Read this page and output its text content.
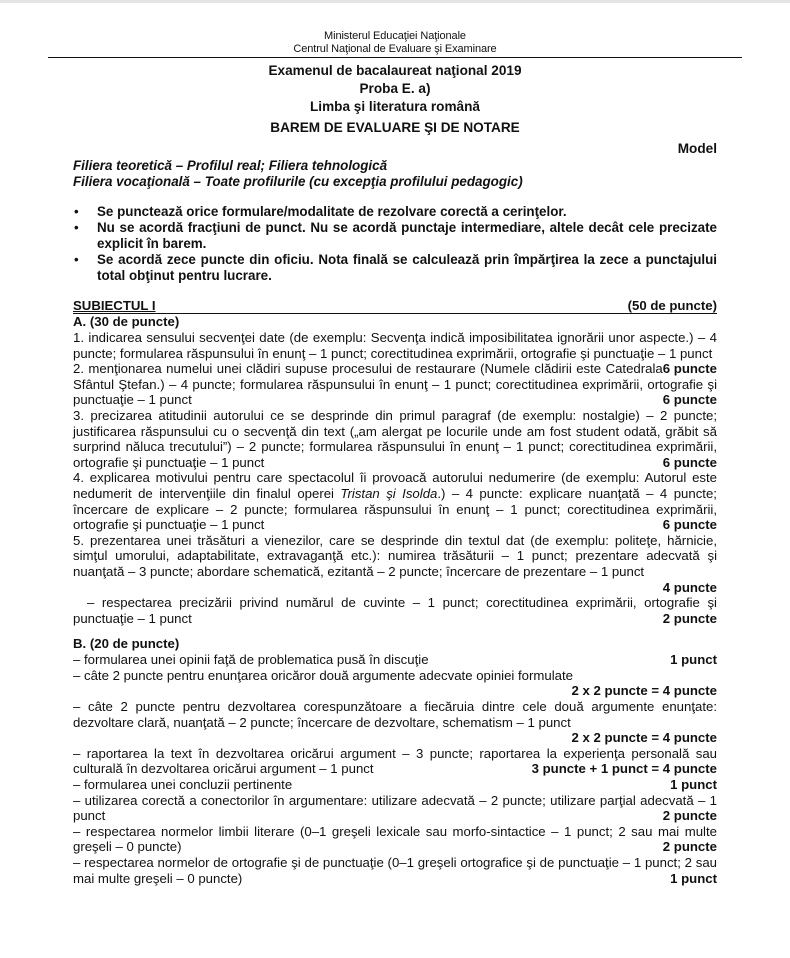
Ministerul Educaţiei Naţionale
Centrul Naţional de Evaluare şi Examinare
Examenul de bacalaureat naţional 2019
Proba E. a)
Limba şi literatura română
BAREM DE EVALUARE ŞI DE NOTARE
Model
Filiera teoretică – Profilul real; Filiera tehnologică
Filiera vocaţională – Toate profilurile (cu excepţia profilului pedagogic)
• Se punctează orice formulare/modalitate de rezolvare corectă a cerinţelor.
• Nu se acordă fracţiuni de punct. Nu se acordă punctaje intermediare, altele decât cele precizate explicit în barem.
• Se acordă zece puncte din oficiu. Nota finală se calculează prin împărţirea la zece a punctajului total obţinut pentru lucrare.
SUBIECTUL I	(50 de puncte)
A. (30 de puncte)
1. indicarea sensului secvenţei date (de exemplu: Secvenţa indică imposibilitatea ignorării unor aspecte.) – 4 puncte; formularea răspunsului în enunţ – 1 punct; corectitudinea exprimării, ortografie şi punctuaţie – 1 punct
6 puncte
2. menţionarea numelui unei clădiri supuse procesului de restaurare (Numele clădirii este Catedrala Sfântul Ştefan.) – 4 puncte; formularea răspunsului în enunţ – 1 punct; corectitudinea exprimării, ortografie şi punctuaţie – 1 punct	6 puncte
3. precizarea atitudinii autorului ce se desprinde din primul paragraf (de exemplu: nostalgie) – 2 puncte; justificarea răspunsului cu o secvenţă din text („am alergat pe locurile unde am fost student odată, grăbit să surprind năluca trecutului”) – 2 puncte; formularea răspunsului în enunţ – 1 punct; corectitudinea exprimării, ortografie şi punctuaţie – 1 punct	6 puncte
4. explicarea motivului pentru care spectacolul îi provoacă autorului nedumerire (de exemplu: Autorul este nedumerit de intervenţiile din finalul operei Tristan şi Isolda.) – 4 puncte: explicare nuanţată – 4 puncte; încercare de explicare – 2 puncte; formularea răspunsului în enunţ – 1 punct; corectitudinea exprimării, ortografie şi punctuaţie – 1 punct	6 puncte
5. prezentarea unei trăsături a vienezilor, care se desprinde din textul dat (de exemplu: politeţe, hărnicie, simţul umorului, adaptabilitate, extravaganţă etc.): numirea trăsăturii – 1 punct; prezentare adecvată şi nuanţată – 3 puncte; abordare schematică, ezitantă – 2 puncte; încercare de prezentare – 1 punct
4 puncte
– respectarea precizării privind numărul de cuvinte – 1 punct; corectitudinea exprimării, ortografie şi punctuaţie – 1 punct	2 puncte
B. (20 de puncte)
– formularea unei opinii faţă de problematica pusă în discuţie	1 punct
– câte 2 puncte pentru enunţarea oricăror două argumente adecvate opiniei formulate
2 x 2 puncte = 4 puncte
– câte 2 puncte pentru dezvoltarea corespunzătoare a fiecăruia dintre cele două argumente enunţate: dezvoltare clară, nuanţată – 2 puncte; încercare de dezvoltare, schematism – 1 punct
2 x 2 puncte = 4 puncte
– raportarea la text în dezvoltarea oricărui argument – 3 puncte; raportarea la experienţa personală sau culturală în dezvoltarea oricărui argument – 1 punct	3 puncte + 1 punct = 4 puncte
– formularea unei concluzii pertinente	1 punct
– utilizarea corectă a conectorilor în argumentare: utilizare adecvată – 2 puncte; utilizare parţial adecvată – 1 punct	2 puncte
– respectarea normelor limbii literare (0–1 greşeli lexicale sau morfo-sintactice – 1 punct; 2 sau mai multe greşeli – 0 puncte)	2 puncte
– respectarea normelor de ortografie şi de punctuaţie (0–1 greşeli ortografice şi de punctuaţie – 1 punct; 2 sau mai multe greşeli – 0 puncte)	1 punct
